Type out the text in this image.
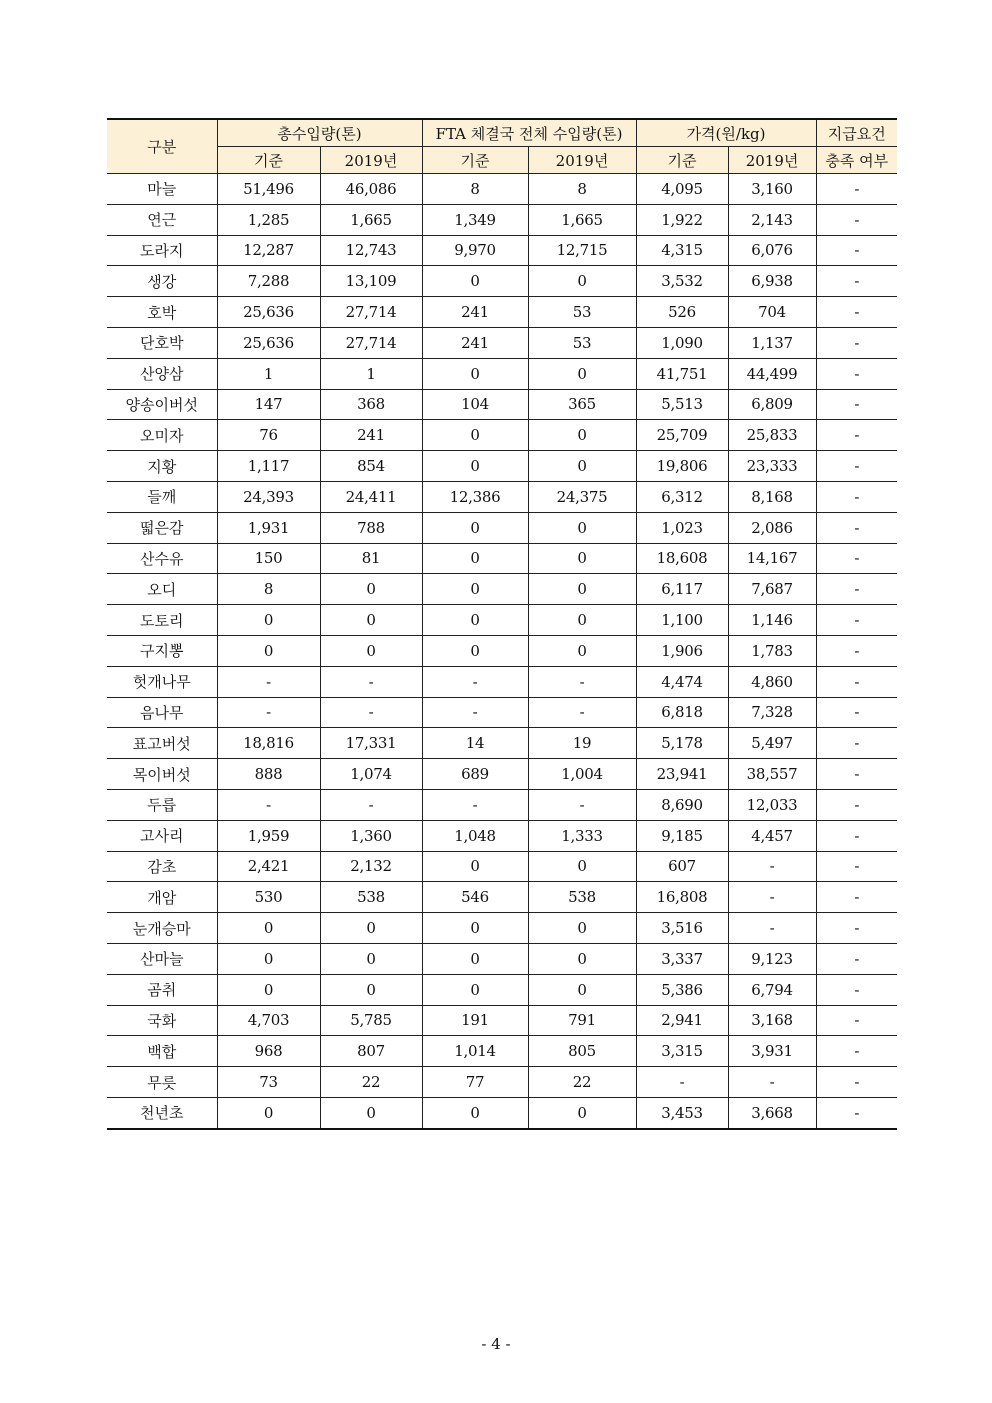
구분	총수입량(톤)		FTA 체결국 전체 수입량(톤)		가격(원/kg)		지급요건
	기준	2019년	기준	2019년	기준	2019년	충족 여부
마늘	51,496	46,086	8	8	4,095	3,160	-
연근	1,285	1,665	1,349	1,665	1,922	2,143	-
도라지	12,287	12,743	9,970	12,715	4,315	6,076	-
생강	7,288	13,109	0	0	3,532	6,938	-
호박	25,636	27,714	241	53	526	704	-
단호박	25,636	27,714	241	53	1,090	1,137	-
산양삼	1	1	0	0	41,751	44,499	-
양송이버섯	147	368	104	365	5,513	6,809	-
오미자	76	241	0	0	25,709	25,833	-
지황	1,117	854	0	0	19,806	23,333	-
들깨	24,393	24,411	12,386	24,375	6,312	8,168	-
떫은감	1,931	788	0	0	1,023	2,086	-
산수유	150	81	0	0	18,608	14,167	-
오디	8	0	0	0	6,117	7,687	-
도토리	0	0	0	0	1,100	1,146	-
구지뽕	0	0	0	0	1,906	1,783	-
헛개나무	-	-	-	-	4,474	4,860	-
음나무	-	-	-	-	6,818	7,328	-
표고버섯	18,816	17,331	14	19	5,178	5,497	-
목이버섯	888	1,074	689	1,004	23,941	38,557	-
두릅	-	-	-	-	8,690	12,033	-
고사리	1,959	1,360	1,048	1,333	9,185	4,457	-
감초	2,421	2,132	0	0	607	-	-
개암	530	538	546	538	16,808	-	-
눈개승마	0	0	0	0	3,516	-	-
산마늘	0	0	0	0	3,337	9,123	-
곰취	0	0	0	0	5,386	6,794	-
국화	4,703	5,785	191	791	2,941	3,168	-
백합	968	807	1,014	805	3,315	3,931	-
무릇	73	22	77	22	-	-	-
천년초	0	0	0	0	3,453	3,668	-
- 4 -
